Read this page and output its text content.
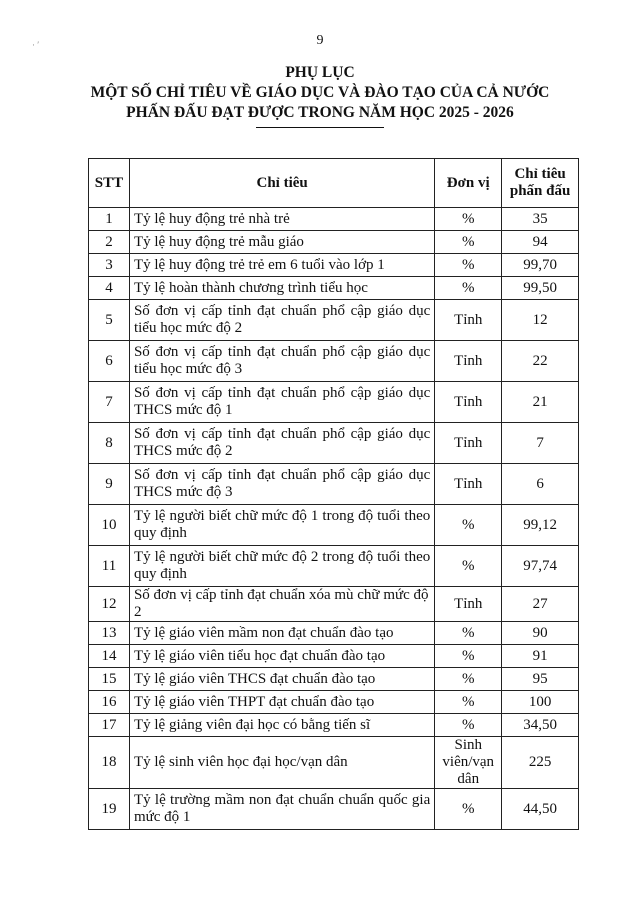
· ′	9
PHỤ LỤC
MỘT SỐ CHỈ TIÊU VỀ GIÁO DỤC VÀ ĐÀO TẠO CỦA CẢ NƯỚC
PHẤN ĐẤU ĐẠT ĐƯỢC TRONG NĂM HỌC 2025 - 2026
STT	Chỉ tiêu	Đơn vị	Chỉ tiêu
phấn đấu

1	Tỷ lệ huy động trẻ nhà trẻ	%	35
2	Tỷ lệ huy động trẻ mẫu giáo	%	94
3	Tỷ lệ huy động trẻ trẻ em 6 tuổi vào lớp 1	%	99,70
4	Tỷ lệ hoàn thành chương trình tiểu học	%	99,50
5	Số đơn vị cấp tỉnh đạt chuẩn phổ cập giáo dục tiểu học mức độ 2	Tỉnh	12
6	Số đơn vị cấp tỉnh đạt chuẩn phổ cập giáo dục tiểu học mức độ 3	Tỉnh	22
7	Số đơn vị cấp tỉnh đạt chuẩn phổ cập giáo dục THCS mức độ 1	Tỉnh	21
8	Số đơn vị cấp tỉnh đạt chuẩn phổ cập giáo dục THCS mức độ 2	Tỉnh	7
9	Số đơn vị cấp tỉnh đạt chuẩn phổ cập giáo dục THCS mức độ 3	Tỉnh	6
10	Tỷ lệ người biết chữ mức độ 1 trong độ tuổi theo quy định	%	99,12
11	Tỷ lệ người biết chữ mức độ 2 trong độ tuổi theo quy định	%	97,74
12	Số đơn vị cấp tỉnh đạt chuẩn xóa mù chữ mức độ 2	Tỉnh	27
13	Tỷ lệ giáo viên mầm non đạt chuẩn đào tạo	%	90
14	Tỷ lệ giáo viên tiểu học đạt chuẩn đào tạo	%	91
15	Tỷ lệ giáo viên THCS đạt chuẩn đào tạo	%	95
16	Tỷ lệ giáo viên THPT đạt chuẩn đào tạo	%	100
17	Tỷ lệ giảng viên đại học có bằng tiến sĩ	%	34,50
18	Tỷ lệ sinh viên học đại học/vạn dân	Sinh viên/vạn dân	225
19	Tỷ lệ trường mầm non đạt chuẩn chuẩn quốc gia mức độ 1	%	44,50
